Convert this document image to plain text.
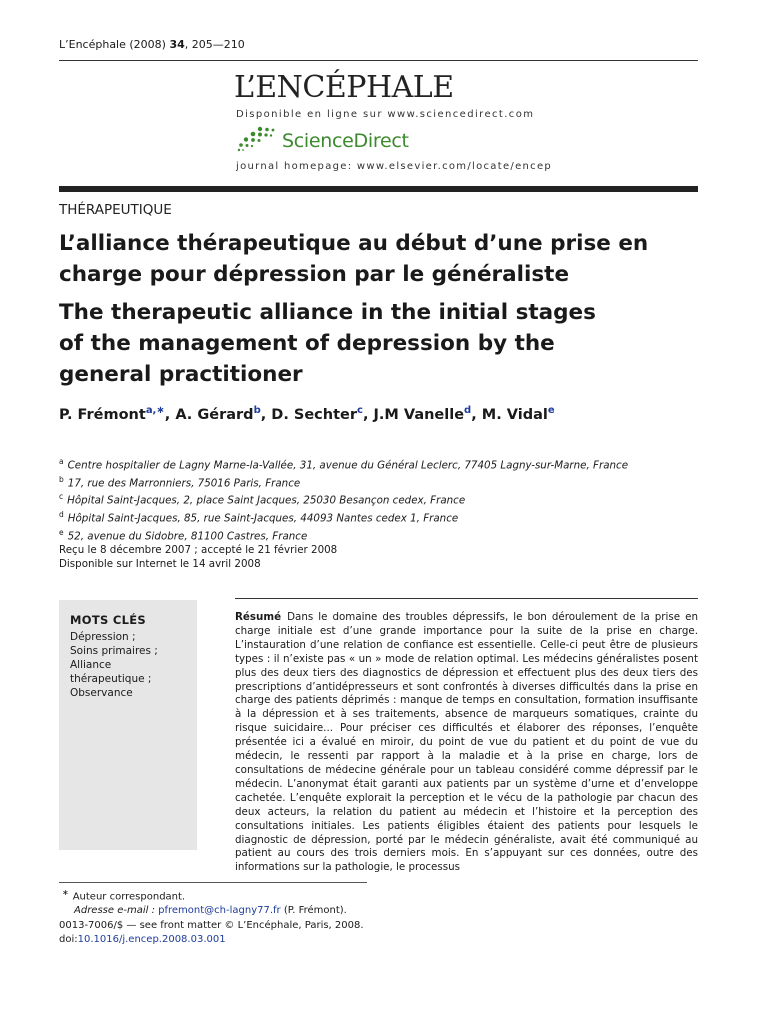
L’Encéphale (2008) 34, 205—210
L’ENCÉPHALE
Disponible en ligne sur www.sciencedirect.com
ScienceDirect
journal homepage: www.elsevier.com/locate/encep
THÉRAPEUTIQUE
L’alliance thérapeutique au début d’une prise en
charge pour dépression par le généraliste
The therapeutic alliance in the initial stages
of the management of depression by the
general practitioner
P. Frémont$^{a,∗}$, A. Gérard$^b$, D. Sechter$^c$, J.M Vanelle$^d$, M. Vidal$^e$
$^a$ Centre hospitalier de Lagny Marne-la-Vallée, 31, avenue du Général Leclerc, 77405 Lagny-sur-Marne, France
$^b$ 17, rue des Marronniers, 75016 Paris, France
$^c$ Hôpital Saint-Jacques, 2, place Saint Jacques, 25030 Besançon cedex, France
$^d$ Hôpital Saint-Jacques, 85, rue Saint-Jacques, 44093 Nantes cedex 1, France
$^e$ 52, avenue du Sidobre, 81100 Castres, France
Reçu le 8 décembre 2007 ; accepté le 21 février 2008
Disponible sur Internet le 14 avril 2008
MOTS CLÉS
Dépression ;
Soins primaires ;
Alliance thérapeutique ;
Observance
Résumé Dans le domaine des troubles dépressifs, le bon déroulement de la prise en charge initiale est d’une grande importance pour la suite de la prise en charge. L’instauration d’une relation de confiance est essentielle. Celle-ci peut être de plusieurs types : il n’existe pas « un » mode de relation optimal. Les médecins généralistes posent plus des deux tiers des diagnostics de dépression et effectuent plus des deux tiers des prescriptions d’antidépresseurs et sont confrontés à diverses difficultés dans la prise en charge des patients déprimés : manque de temps en consultation, formation insuffisante à la dépression et à ses traitements, absence de marqueurs somatiques, crainte du risque suicidaire... Pour préciser ces difficultés et élaborer des réponses, l’enquête présentée ici a évalué en miroir, du point de vue du patient et du point de vue du médecin, le ressenti par rapport à la maladie et à la prise en charge, lors de consultations de médecine générale pour un tableau considéré comme dépressif par le médecin. L’anonymat était garanti aux patients par un système d’urne et d’enveloppe cachetée. L’enquête explorait la perception et le vécu de la pathologie par chacun des deux acteurs, la relation du patient au médecin et l’histoire et la perception des consultations initiales. Les patients éligibles étaient des patients pour lesquels le diagnostic de dépression, porté par le médecin généraliste, avait été communiqué au patient au cours des trois derniers mois. En s’appuyant sur ces données, outre des informations sur la pathologie, le processus
∗ Auteur correspondant.
Adresse e-mail : pfremont@ch-lagny77.fr (P. Frémont).
0013-7006/$ — see front matter © L’Encéphale, Paris, 2008.
doi:10.1016/j.encep.2008.03.001
